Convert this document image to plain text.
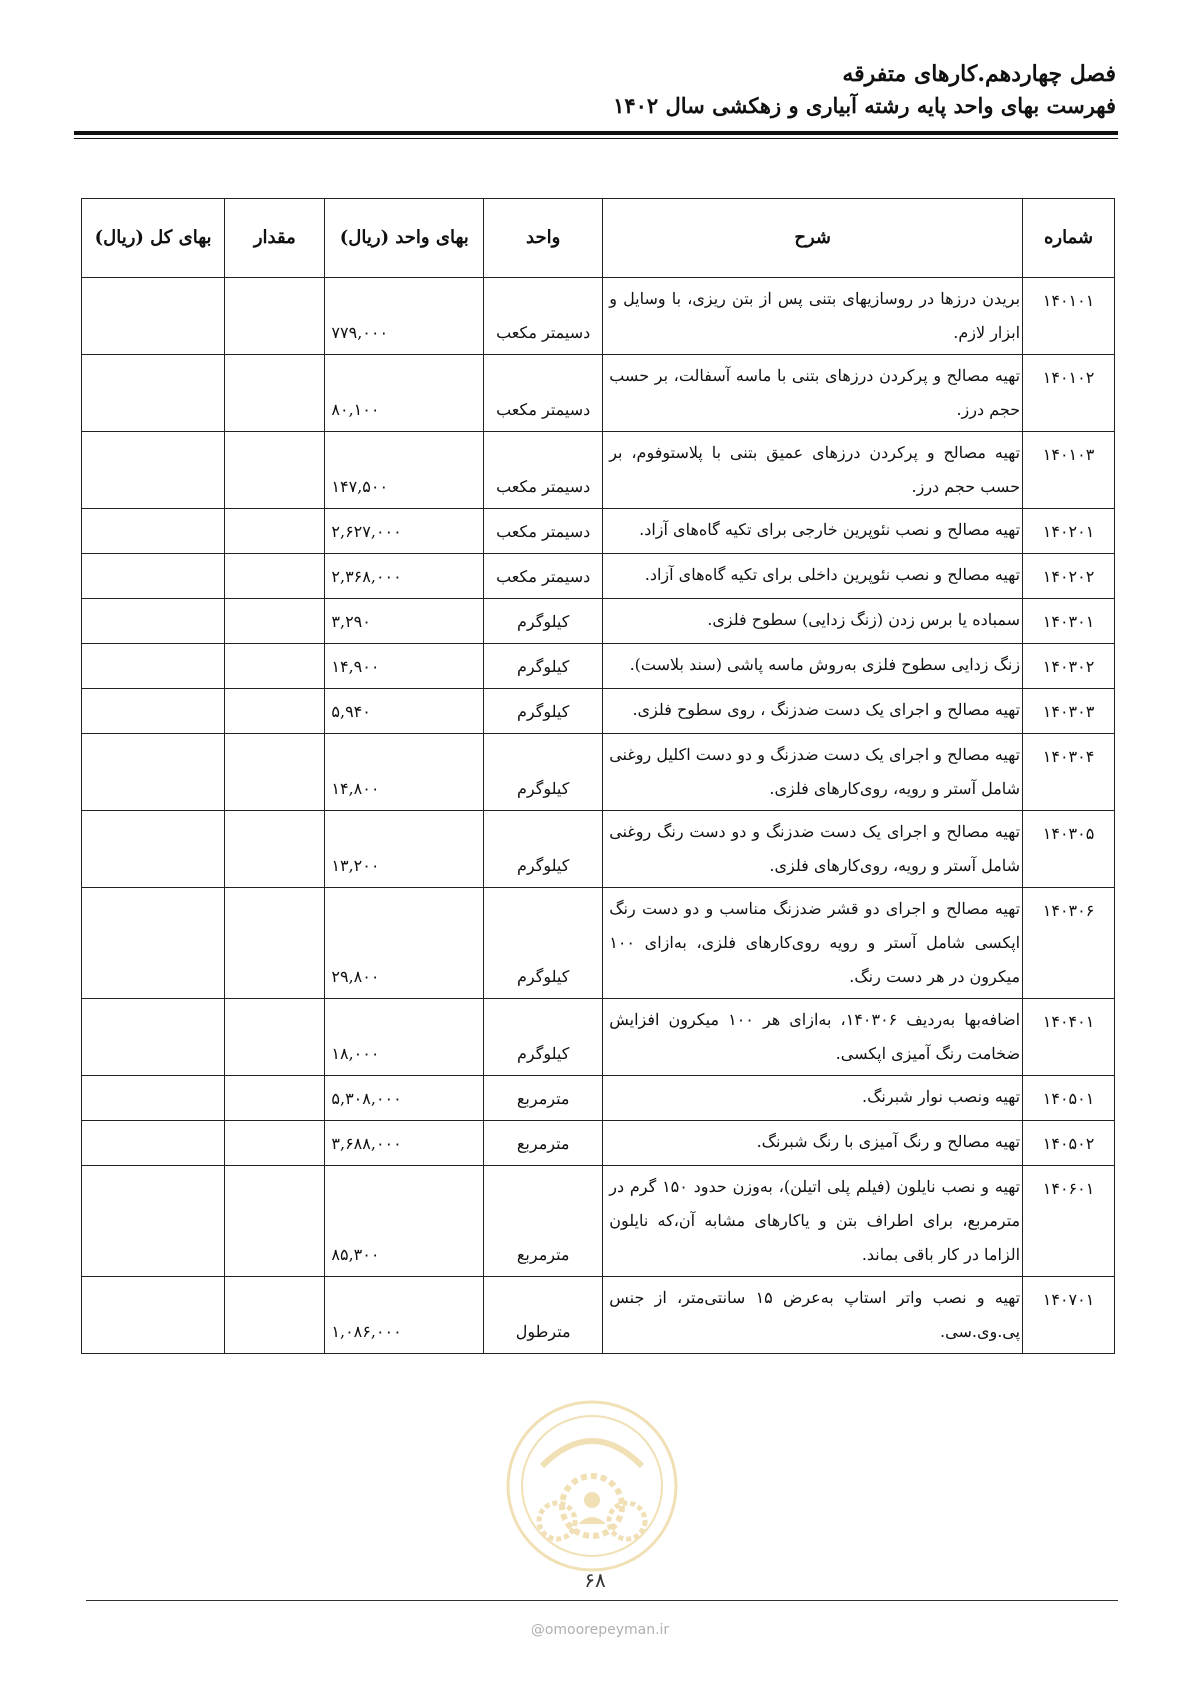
فصل چهاردهم.کارهای متفرقه
فهرست بهای واحد پایه رشته آبیاری و زهکشی سال ۱۴۰۲
شماره	شرح	واحد	بهای واحد (ریال)	مقدار	بهای کل (ریال)
۱۴۰۱۰۱	بریدن درزها در روسازیهای بتنی پس از بتن ریزی، با وسایل و ابزار لازم.	دسیمتر مکعب	۷۷۹,۰۰۰		
۱۴۰۱۰۲	تهیه مصالح و پرکردن درزهای بتنی با ماسه آسفالت، بر حسب حجم درز.	دسیمتر مکعب	۸۰,۱۰۰		
۱۴۰۱۰۳	تهیه مصالح و پرکردن درزهای عمیق بتنی با پلاستوفوم، بر حسب حجم درز.	دسیمتر مکعب	۱۴۷,۵۰۰		
۱۴۰۲۰۱	تهیه مصالح و نصب نئوپرین خارجی برای تکیه گاه‌های آزاد.	دسیمتر مکعب	۲,۶۲۷,۰۰۰		
۱۴۰۲۰۲	تهیه مصالح و نصب نئوپرین داخلی برای تکیه گاه‌های آزاد.	دسیمتر مکعب	۲,۳۶۸,۰۰۰		
۱۴۰۳۰۱	سمباده یا برس زدن (زنگ زدایی) سطوح فلزی.	کیلوگرم	۳,۲۹۰		
۱۴۰۳۰۲	زنگ زدایی سطوح فلزی به‌روش ماسه پاشی (سند بلاست).	کیلوگرم	۱۴,۹۰۰		
۱۴۰۳۰۳	تهیه مصالح و اجرای یک دست ضدزنگ ، روی سطوح فلزی.	کیلوگرم	۵,۹۴۰		
۱۴۰۳۰۴	تهیه مصالح و اجرای یک دست ضدزنگ و دو دست اکلیل روغنی شامل آستر و رویه، روی‌کارهای فلزی.	کیلوگرم	۱۴,۸۰۰		
۱۴۰۳۰۵	تهیه مصالح و اجرای یک دست ضدزنگ و دو دست رنگ روغنی شامل آستر و رویه، روی‌کارهای فلزی.	کیلوگرم	۱۳,۲۰۰		
۱۴۰۳۰۶	تهیه مصالح و اجرای دو قشر ضدزنگ مناسب و دو دست رنگ اپکسی شامل آستر و رویه روی‌کارهای فلزی، به‌ازای ۱۰۰ میکرون در هر دست رنگ.	کیلوگرم	۲۹,۸۰۰		
۱۴۰۴۰۱	اضافه‌بها به‌ردیف ۱۴۰۳۰۶، به‌ازای هر ۱۰۰ میکرون افزایش ضخامت رنگ آمیزی اپکسی.	کیلوگرم	۱۸,۰۰۰		
۱۴۰۵۰۱	تهیه ونصب نوار شبرنگ.	مترمربع	۵,۳۰۸,۰۰۰		
۱۴۰۵۰۲	تهیه مصالح و رنگ آمیزی با رنگ شبرنگ.	مترمربع	۳,۶۸۸,۰۰۰		
۱۴۰۶۰۱	تهیه و نصب نایلون (فیلم پلی اتیلن)، به‌وزن حدود ۱۵۰ گرم در مترمربع، برای اطراف بتن و یاکارهای مشابه آن،که نایلون الزاما در کار باقی بماند.	مترمربع	۸۵,۳۰۰		
۱۴۰۷۰۱	تهیه و نصب واتر استاپ به‌عرض ۱۵ سانتی‌متر، از جنس پی.وی.سی.	مترطول	۱,۰۸۶,۰۰۰		
۶۸
@omoorepeyman.ir
